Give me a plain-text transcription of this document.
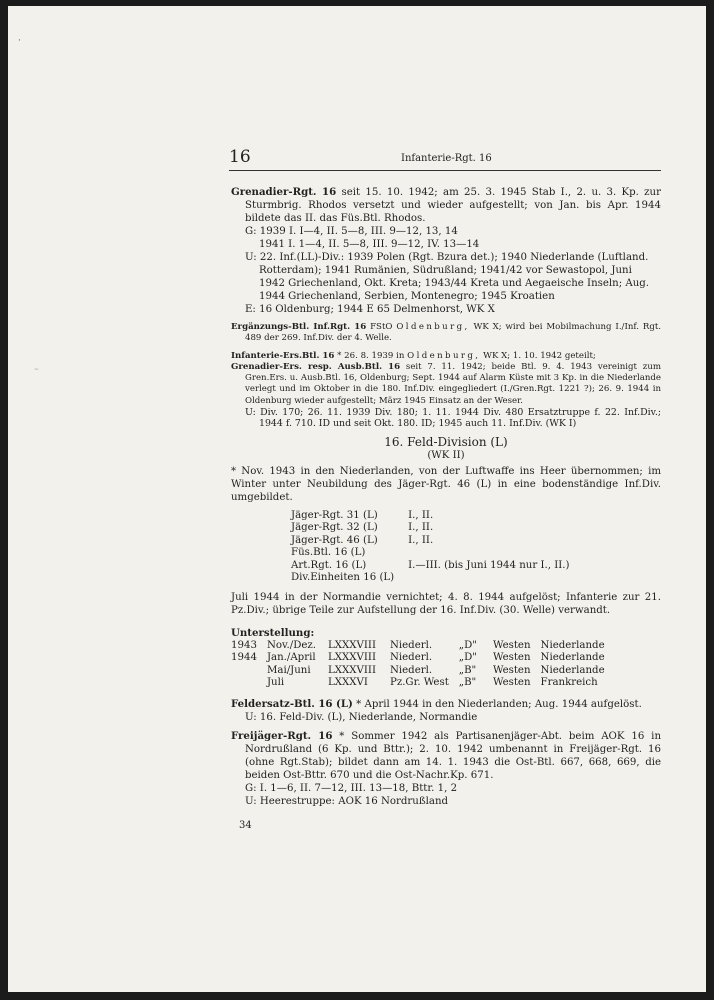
·
~
16	Infanterie-Rgt. 16
Grenadier-Rgt. 16 seit 15. 10. 1942; am 25. 3. 1945 Stab I., 2. u. 3. Kp. zur Sturmbrig. Rhodos versetzt und wieder aufgestellt; von Jan. bis Apr. 1944 bildete das II. das Füs.Btl. Rhodos.
G: 1939 I. I—4, II. 5—8, III. 9—12, 13, 14
1941 I. 1—4, II. 5—8, III. 9—12, IV. 13—14
U: 22. Inf.(LL)-Div.: 1939 Polen (Rgt. Bzura det.); 1940 Niederlande (Luftland. Rotterdam); 1941 Rumänien, Südrußland; 1941/42 vor Sewastopol, Juni 1942 Griechenland, Okt. Kreta; 1943/44 Kreta und Aegaeische Inseln; Aug. 1944 Griechenland, Serbien, Montenegro; 1945 Kroatien
E: 16 Oldenburg; 1944 E 65 Delmenhorst, WK X
Ergänzungs-Btl. Inf.Rgt. 16 FStO Oldenburg, WK X; wird bei Mobilmachung I./Inf. Rgt. 489 der 269. Inf.Div. der 4. Welle.
Infanterie-Ers.Btl. 16 * 26. 8. 1939 in Oldenburg, WK X; 1. 10. 1942 geteilt;
Grenadier-Ers. resp. Ausb.Btl. 16 seit 7. 11. 1942; beide Btl. 9. 4. 1943 vereinigt zum Gren.Ers. u. Ausb.Btl. 16, Oldenburg; Sept. 1944 auf Alarm Küste mit 3 Kp. in die Niederlande verlegt und im Oktober in die 180. Inf.Div. eingegliedert (I./Gren.Rgt. 1221 ?); 26. 9. 1944 in Oldenburg wieder aufgestellt; März 1945 Einsatz an der Weser.
U: Div. 170; 26. 11. 1939 Div. 180; 1. 11. 1944 Div. 480 Ersatztruppe f. 22. Inf.Div.; 1944 f. 710. ID und seit Okt. 180. ID; 1945 auch 11. Inf.Div. (WK I)
16. Feld-Division (L)
(WK II)
* Nov. 1943 in den Niederlanden, von der Luftwaffe ins Heer übernommen; im Winter unter Neubildung des Jäger-Rgt. 46 (L) in eine bodenständige Inf.Div. umgebildet.
Jäger-Rgt. 31 (L)	I., II.
Jäger-Rgt. 32 (L)	I., II.
Jäger-Rgt. 46 (L)	I., II.
Füs.Btl. 16 (L)	
Art.Rgt. 16 (L)	I.—III. (bis Juni 1944 nur I., II.)
Div.Einheiten 16 (L)	
Juli 1944 in der Normandie vernichtet; 4. 8. 1944 aufgelöst; Infanterie zur 21. Pz.Div.; übrige Teile zur Aufstellung der 16. Inf.Div. (30. Welle) verwandt.
Unterstellung:
1943	Nov./Dez.	LXXXVIII	Niederl.	„D"	Westen	Niederlande
1944	Jan./April	LXXXVIII	Niederl.	„D"	Westen	Niederlande
	Mai/Juni	LXXXVIII	Niederl.	„B"	Westen	Niederlande
	Juli	LXXXVI	Pz.Gr. West	„B"	Westen	Frankreich
Feldersatz-Btl. 16 (L) * April 1944 in den Niederlanden; Aug. 1944 aufgelöst.
U: 16. Feld-Div. (L), Niederlande, Normandie
Freijäger-Rgt. 16 * Sommer 1942 als Partisanenjäger-Abt. beim AOK 16 in Nordrußland (6 Kp. und Bttr.); 2. 10. 1942 umbenannt in Freijäger-Rgt. 16 (ohne Rgt.Stab); bildet dann am 14. 1. 1943 die Ost-Btl. 667, 668, 669, die beiden Ost-Bttr. 670 und die Ost-Nachr.Kp. 671.
G: I. 1—6, II. 7—12, III. 13—18, Bttr. 1, 2
U: Heerestruppe: AOK 16 Nordrußland
34
